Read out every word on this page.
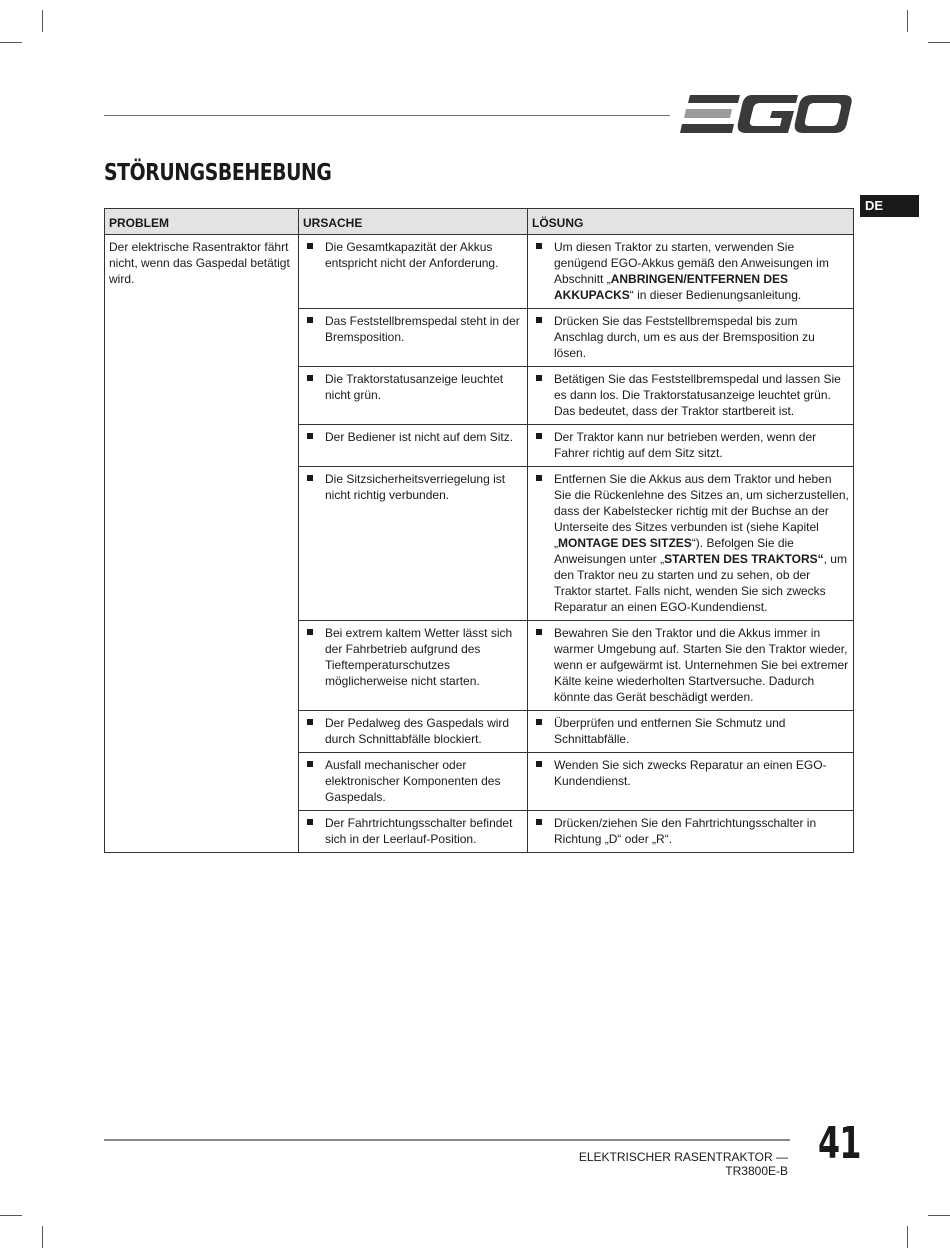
STÖRUNGSBEHEBUNG
DE
PROBLEM	URSACHE	LÖSUNG
Der elektrische Rasentraktor fährt nicht, wenn das Gaspedal betätigt wird.	Die Gesamtkapazität der Akkus entspricht nicht der Anforderung.	Um diesen Traktor zu starten, verwenden Sie genügend EGO-Akkus gemäß den Anweisungen im Abschnitt „ANBRINGEN/ENTFERNEN DES AKKUPACKS“ in dieser Bedienungsanleitung.

	Das Feststellbremspedal steht in der Bremsposition.	Drücken Sie das Feststellbremspedal bis zum Anschlag durch, um es aus der Bremsposition zu lösen.

	Die Traktorstatusanzeige leuchtet nicht grün.	Betätigen Sie das Feststellbremspedal und lassen Sie es dann los. Die Traktorstatusanzeige leuchtet grün. Das bedeutet, dass der Traktor startbereit ist.

	Der Bediener ist nicht auf dem Sitz.	Der Traktor kann nur betrieben werden, wenn der Fahrer richtig auf dem Sitz sitzt.

	Die Sitzsicherheitsverriegelung ist nicht richtig verbunden.	Entfernen Sie die Akkus aus dem Traktor und heben Sie die Rückenlehne des Sitzes an, um sicherzustellen, dass der Kabelstecker richtig mit der Buchse an der Unterseite des Sitzes verbunden ist (siehe Kapitel „MONTAGE DES SITZES“). Befolgen Sie die Anweisungen unter „STARTEN DES TRAKTORS“, um den Traktor neu zu starten und zu sehen, ob der Traktor startet. Falls nicht, wenden Sie sich zwecks Reparatur an einen EGO-Kundendienst.

	Bei extrem kaltem Wetter lässt sich der Fahrbetrieb aufgrund des Tieftemperaturschutzes möglicherweise nicht starten.	Bewahren Sie den Traktor und die Akkus immer in warmer Umgebung auf. Starten Sie den Traktor wieder, wenn er aufgewärmt ist. Unternehmen Sie bei extremer Kälte keine wiederholten Startversuche. Dadurch könnte das Gerät beschädigt werden.

	Der Pedalweg des Gaspedals wird durch Schnittabfälle blockiert.	Überprüfen und entfernen Sie Schmutz und Schnittabfälle.

	Ausfall mechanischer oder elektronischer Komponenten des Gaspedals.	Wenden Sie sich zwecks Reparatur an einen EGO-Kundendienst.

	Der Fahrtrichtungsschalter befindet sich in der Leerlauf-Position.	Drücken/ziehen Sie den Fahrtrichtungsschalter in Richtung „D“ oder „R“.
ELEKTRISCHER RASENTRAKTOR — TR3800E-B
41
